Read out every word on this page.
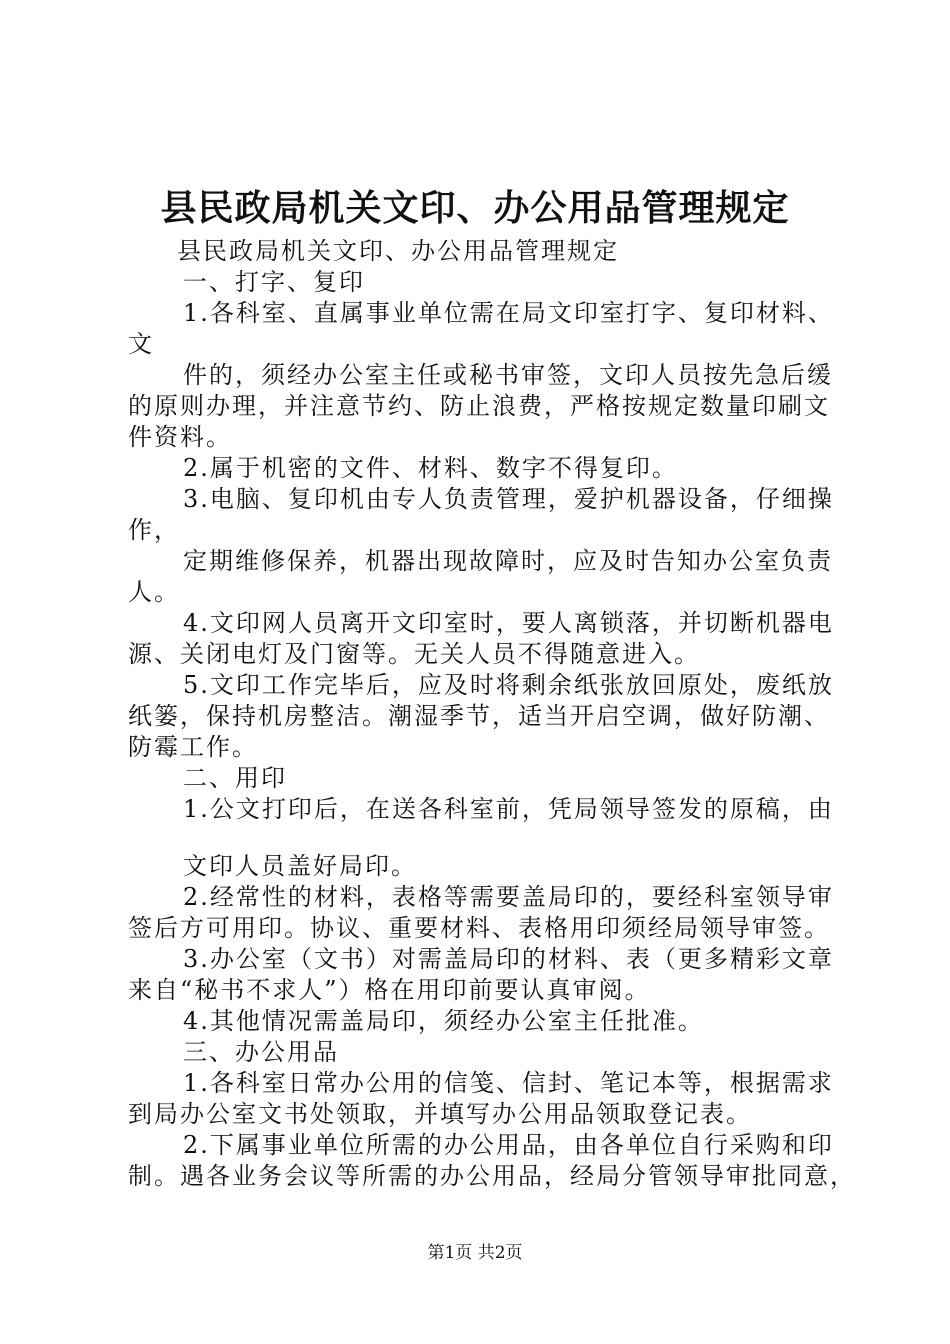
县民政局机关文印、办公用品管理规定
县民政局机关文印、办公用品管理规定
一、打字、复印
1.各科室、直属事业单位需在局文印室打字、复印材料、
文
件的，须经办公室主任或秘书审签，文印人员按先急后缓
的原则办理，并注意节约、防止浪费，严格按规定数量印刷文
件资料。
2.属于机密的文件、材料、数字不得复印。
3.电脑、复印机由专人负责管理，爱护机器设备，仔细操
作，
定期维修保养，机器出现故障时，应及时告知办公室负责
人。
4.文印网人员离开文印室时，要人离锁落，并切断机器电
源、关闭电灯及门窗等。无关人员不得随意进入。
5.文印工作完毕后，应及时将剩余纸张放回原处，废纸放
纸篓，保持机房整洁。潮湿季节，适当开启空调，做好防潮、
防霉工作。
二、用印
1.公文打印后，在送各科室前，凭局领导签发的原稿，由
文印人员盖好局印。
2.经常性的材料，表格等需要盖局印的，要经科室领导审
签后方可用印。协议、重要材料、表格用印须经局领导审签。
3.办公室（文书）对需盖局印的材料、表（更多精彩文章
来自“秘书不求人”）格在用印前要认真审阅。
4.其他情况需盖局印，须经办公室主任批准。
三、办公用品
1.各科室日常办公用的信笺、信封、笔记本等，根据需求
到局办公室文书处领取，并填写办公用品领取登记表。
2.下属事业单位所需的办公用品，由各单位自行采购和印
制。遇各业务会议等所需的办公用品，经局分管领导审批同意，
第1页 共2页
